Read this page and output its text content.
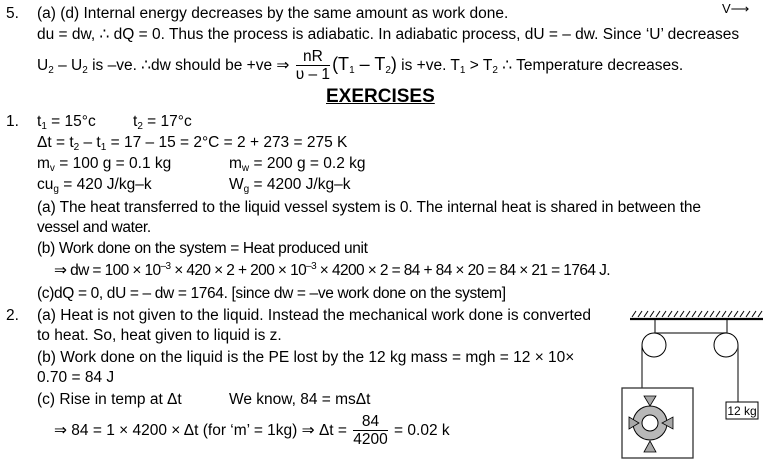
5. (a) (d) Internal energy decreases by the same amount as work done.	V⟶
du = dw, ∴ dQ = 0. Thus the process is adiabatic. In adiabatic process, dU = – dw. Since ‘U’ decreases
$U_2 - U_2$ is –ve. ∴dw should be +ve ⇒ $\frac{nR}{\upsilon - 1} (T_1 - T_2)$ is +ve. $T_1 > T_2$ ∴ Temperature decreases.
EXERCISES
1. $t_1 = 15^\circ c$ $t_2 = 17^\circ c$
$\Delta t = t_2 - t_1 = 17 - 15 = 2^\circ C = 2 + 273 = 275$ K
$m_v = 100$ g = 0.1 kg	$m_w = 200$ g = 0.2 kg
$cu_g = 420$ J/kg–k	$W_g = 4200$ J/kg–k
(a) The heat transferred to the liquid vessel system is 0. The internal heat is shared in between the
vessel and water.
(b) Work done on the system = Heat produced unit
⇒ dw = $100 \times 10^{-3} \times 420 \times 2 + 200 \times 10^{-3} \times 4200 \times 2 = 84 + 84 \times 20 = 84 \times 21 = 1764$ J.
(c)dQ = 0, dU = – dw = 1764. [since dw = –ve work done on the system]
2. (a) Heat is not given to the liquid. Instead the mechanical work done is converted
to heat. So, heat given to liquid is z.
(b) Work done on the liquid is the PE lost by the 12 kg mass = mgh = 12 × 10×
0.70 = 84 J
(c) Rise in temp at Δt	We know, 84 = msΔt
⇒ 84 = 1 × 4200 × Δt (for ‘m’ = 1kg) ⇒ $\Delta t = \frac{84}{4200} = 0.02$ k
12 kg
